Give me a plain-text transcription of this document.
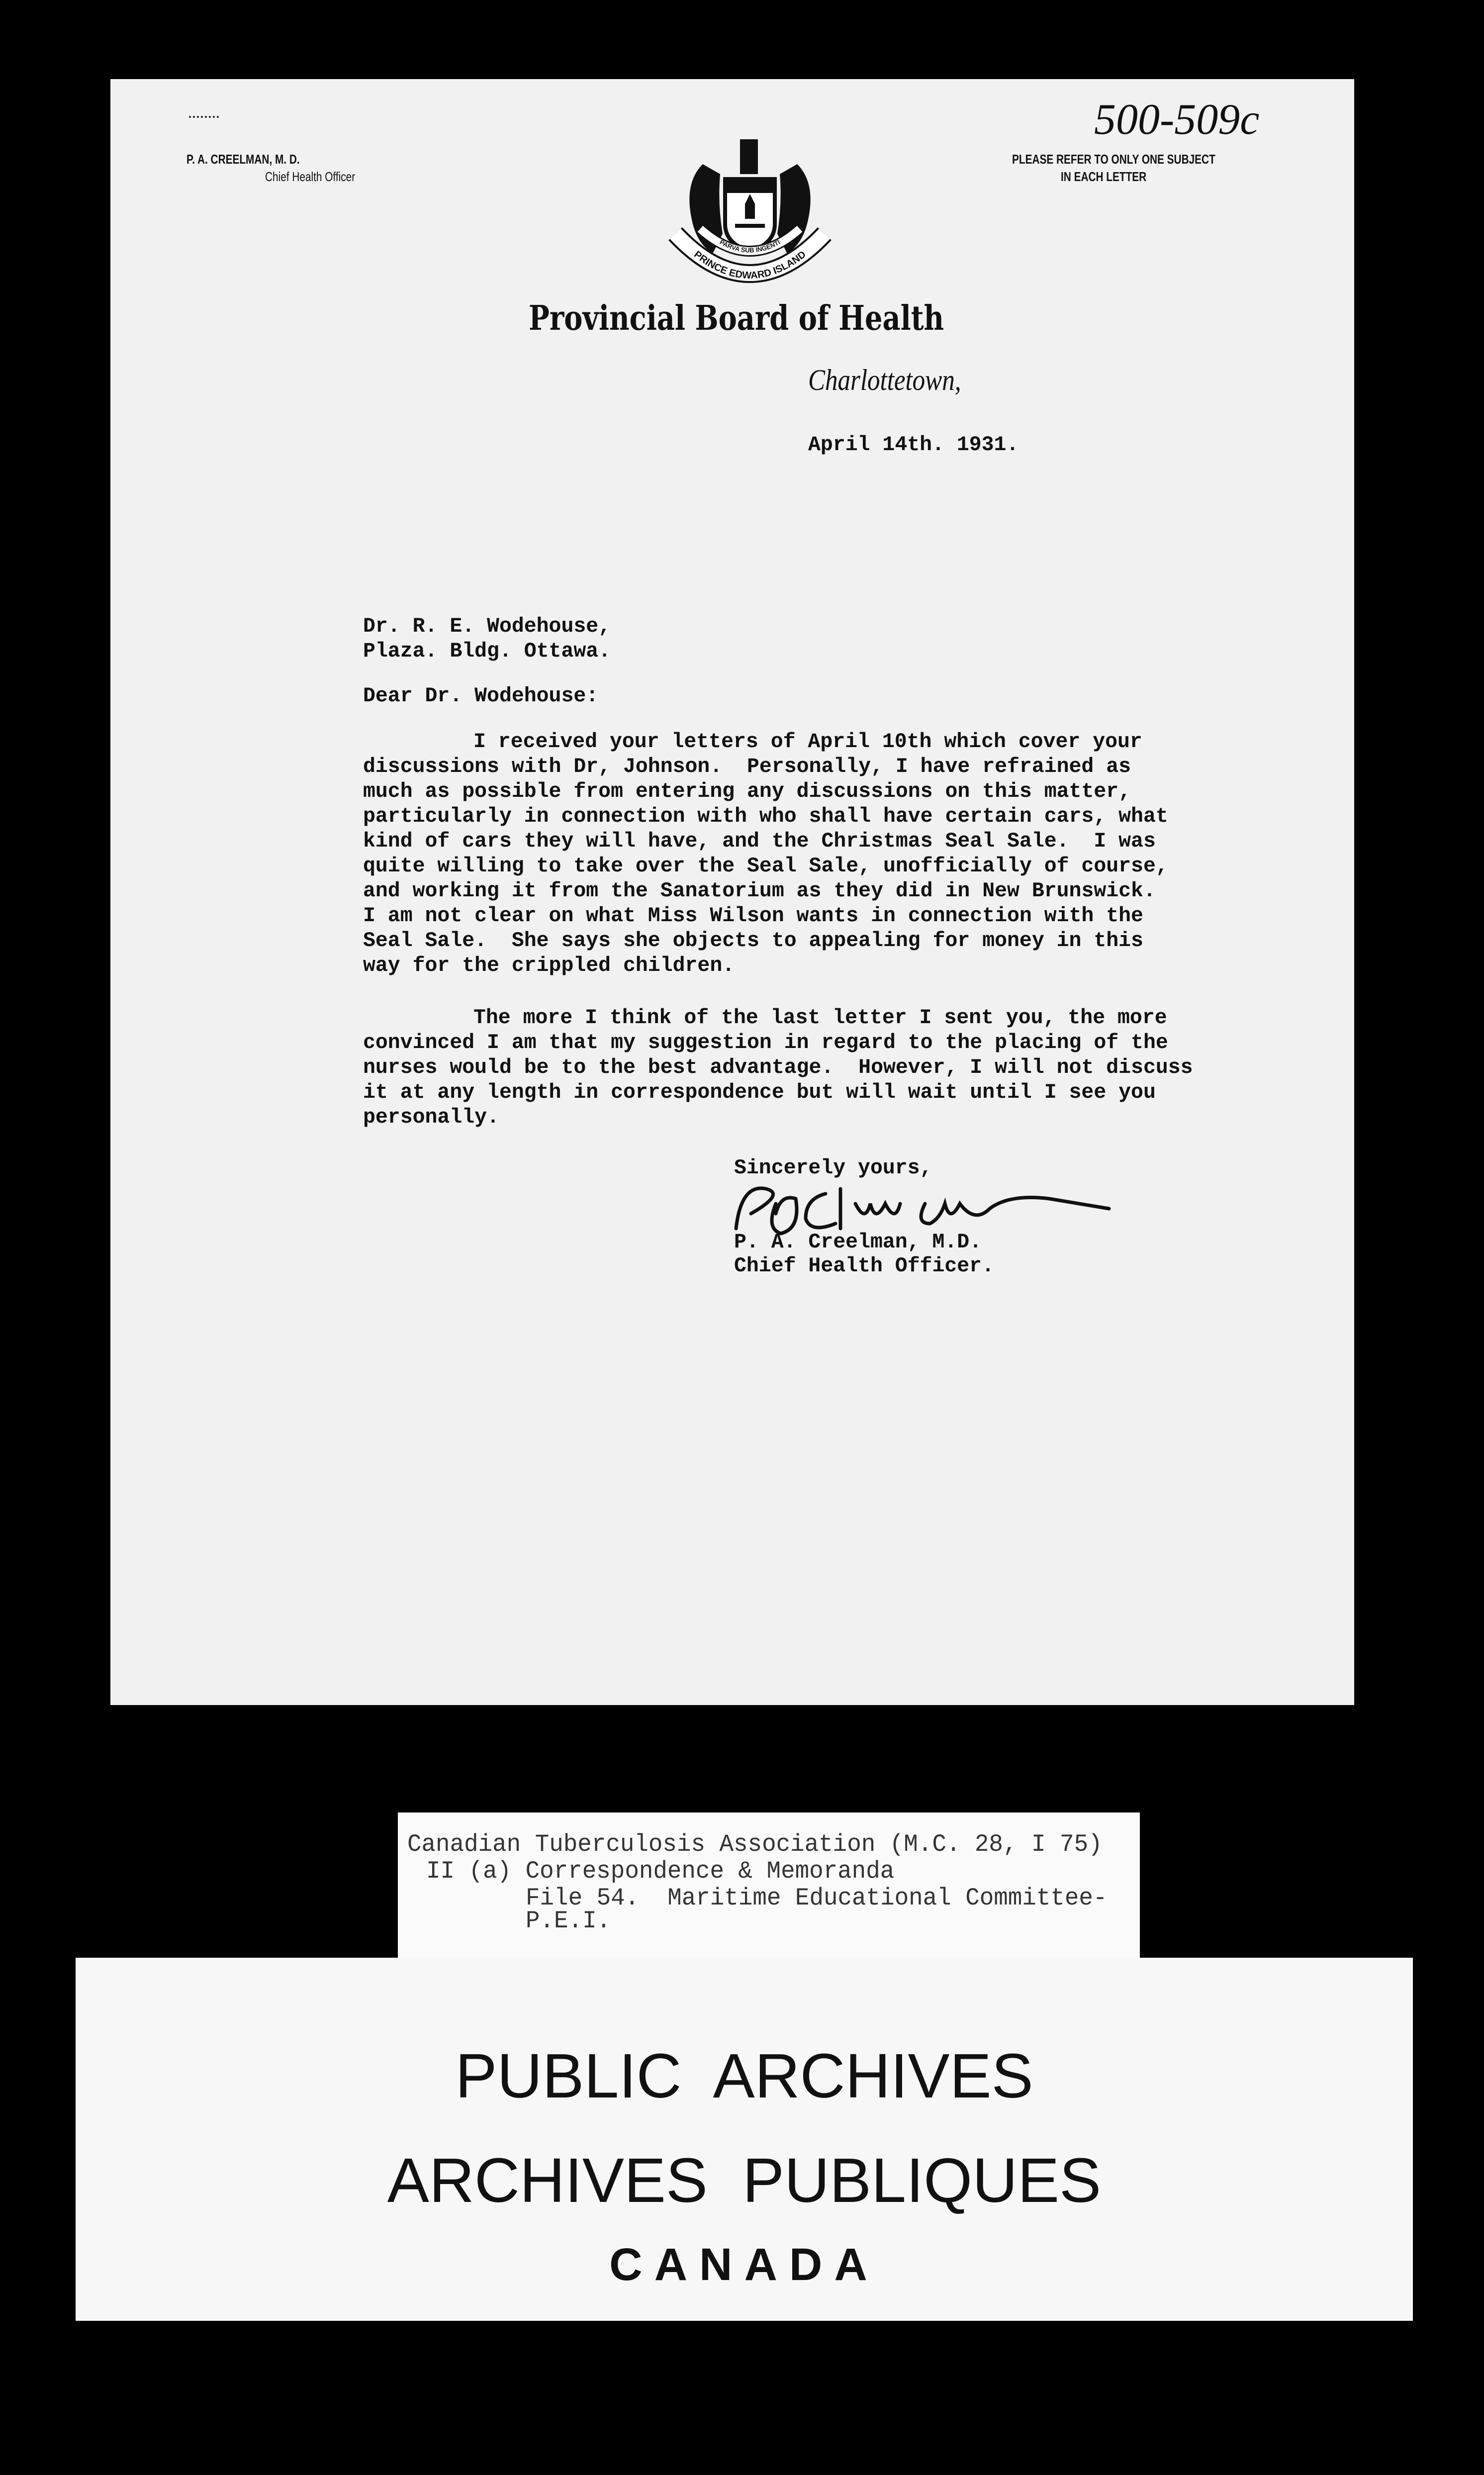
500-509c
P. A. CREELMAN, M. D.
Chief Health Officer
PLEASE REFER TO ONLY ONE SUBJECT
IN EACH LETTER
PARVA SUB INGENTI
PRINCE EDWARD ISLAND
Provincial Board of Health
Charlottetown,
April 14th. 1931.
Dr. R. E. Wodehouse,
Plaza. Bldg. Ottawa.
Dear Dr. Wodehouse:
I received your letters of April 10th which cover your
discussions with Dr, Johnson.  Personally, I have refrained as
much as possible from entering any discussions on this matter,
particularly in connection with who shall have certain cars, what
kind of cars they will have, and the Christmas Seal Sale.  I was
quite willing to take over the Seal Sale, unofficially of course,
and working it from the Sanatorium as they did in New Brunswick.
I am not clear on what Miss Wilson wants in connection with the
Seal Sale.  She says she objects to appealing for money in this
way for the crippled children.
The more I think of the last letter I sent you, the more
convinced I am that my suggestion in regard to the placing of the
nurses would be to the best advantage.  However, I will not discuss
it at any length in correspondence but will wait until I see you
personally.
Sincerely yours,
P. A. Creelman, M.D.
Chief Health Officer.
Canadian Tuberculosis Association (M.C. 28, I 75)
II (a) Correspondence & Memoranda
File 54.  Maritime Educational Committee-
P.E.I.
PUBLIC  ARCHIVES
ARCHIVES  PUBLIQUES
CANADA
